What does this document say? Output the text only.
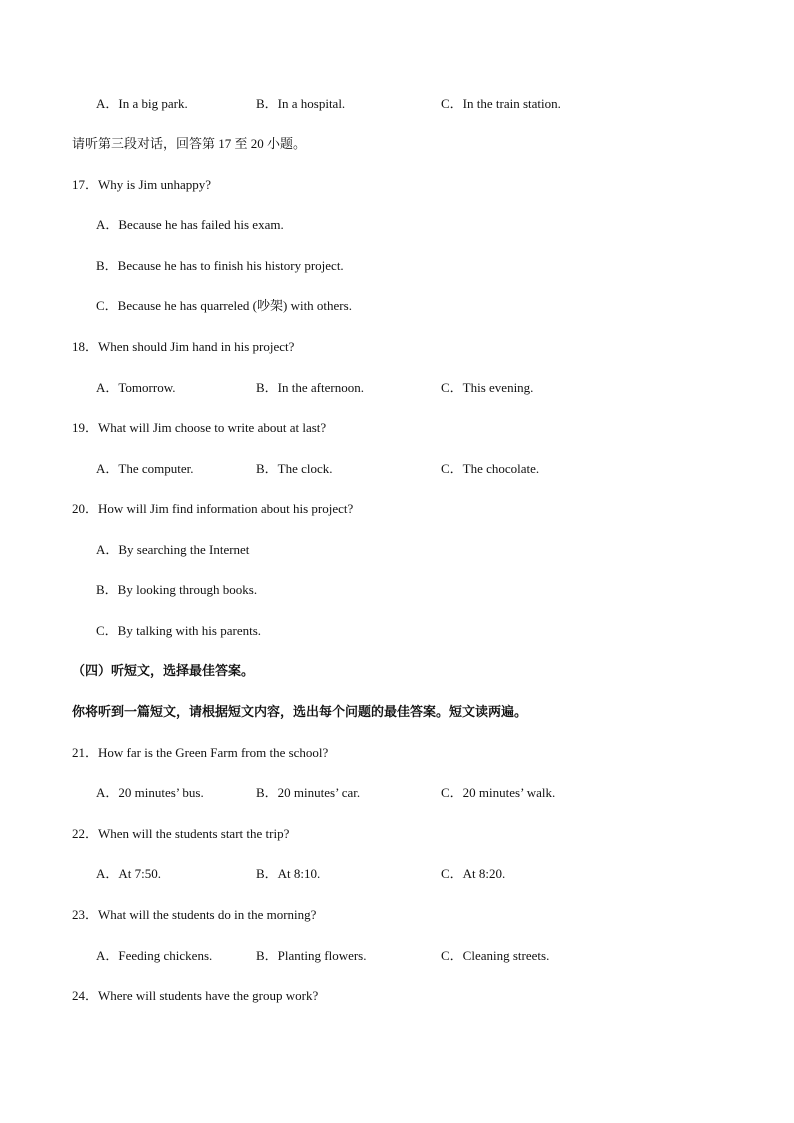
A．In a big park.	B．In a hospital.	C．In the train station.
请听第三段对话，回答第 17 至 20 小题。
17．Why is Jim unhappy?
A．Because he has failed his exam.
B．Because he has to finish his history project.
C．Because he has quarreled (吵架) with others.
18．When should Jim hand in his project?
A．Tomorrow.	B．In the afternoon.	C．This evening.
19．What will Jim choose to write about at last?
A．The computer.	B．The clock.	C．The chocolate.
20．How will Jim find information about his project?
A．By searching the Internet
B．By looking through books.
C．By talking with his parents.
（四）听短文，选择最佳答案。
你将听到一篇短文，请根据短文内容，选出每个问题的最佳答案。短文读两遍。
21．How far is the Green Farm from the school?
A．20 minutes’ bus.	B．20 minutes’ car.	C．20 minutes’ walk.
22．When will the students start the trip?
A．At 7:50.	B．At 8:10.	C．At 8:20.
23．What will the students do in the morning?
A．Feeding chickens.	B．Planting flowers.	C．Cleaning streets.
24．Where will students have the group work?
